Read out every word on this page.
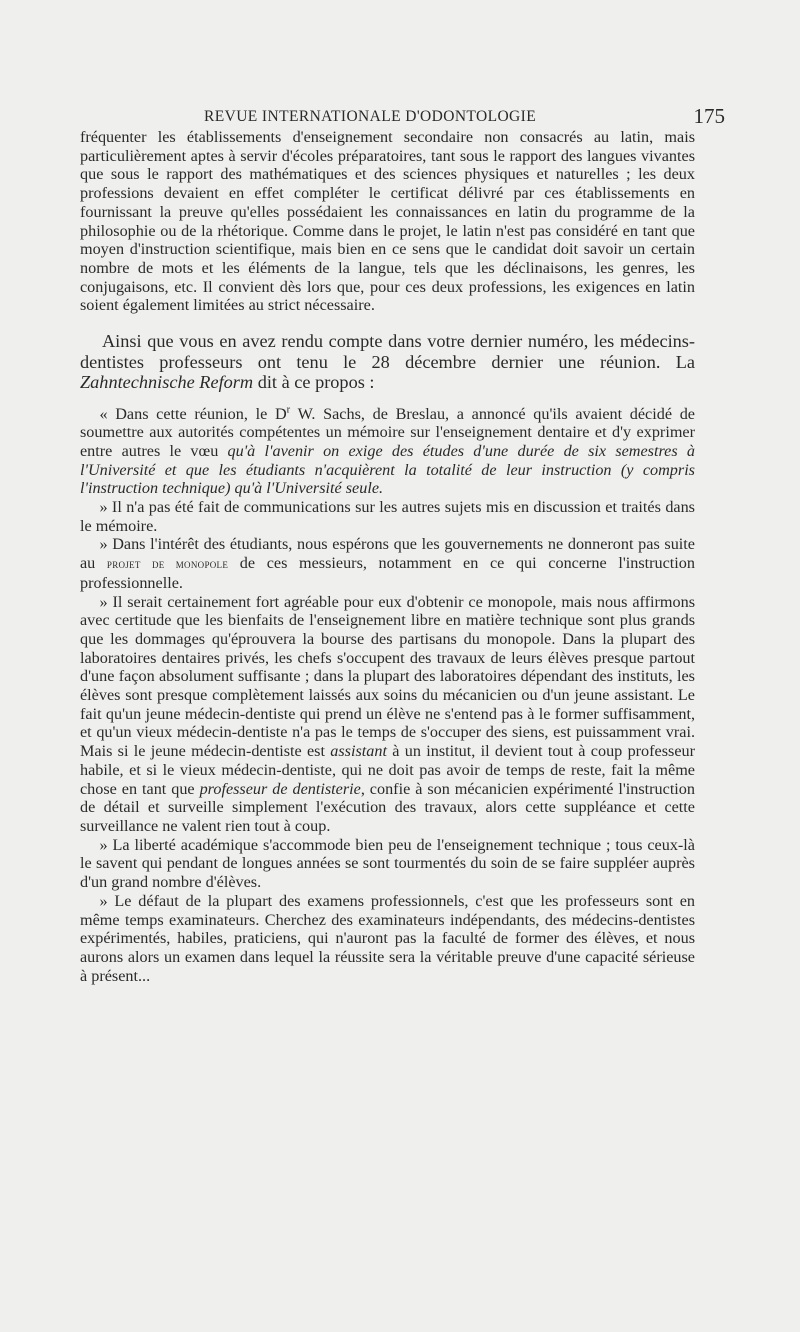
REVUE INTERNATIONALE D'ODONTOLOGIE	175

fréquenter les établissements d'enseignement secondaire non consacrés au latin, mais particulièrement aptes à servir d'écoles préparatoires, tant sous le rapport des langues vivantes que sous le rapport des mathématiques et des sciences physiques et naturelles ; les deux professions devaient en effet compléter le certificat délivré par ces établissements en fournissant la preuve qu'elles possédaient les connaissances en latin du programme de la philosophie ou de la rhétorique. Comme dans le projet, le latin n'est pas considéré en tant que moyen d'instruction scientifique, mais bien en ce sens que le candidat doit savoir un certain nombre de mots et les éléments de la langue, tels que les déclinaisons, les genres, les conjugaisons, etc. Il convient dès lors que, pour ces deux professions, les exigences en latin soient également limitées au strict nécessaire.

Ainsi que vous en avez rendu compte dans votre dernier numéro, les médecins-dentistes professeurs ont tenu le 28 décembre dernier une réunion. La Zahntechnische Reform dit à ce propos :

« Dans cette réunion, le $D^r$ W. Sachs, de Breslau, a annoncé qu'ils avaient décidé de soumettre aux autorités compétentes un mémoire sur l'enseignement dentaire et d'y exprimer entre autres le vœu qu'à l'avenir on exige des études d'une durée de six semestres à l'Université et que les étudiants n'acquièrent la totalité de leur instruction (y compris l'instruction technique) qu'à l'Université seule.

» Il n'a pas été fait de communications sur les autres sujets mis en discussion et traités dans le mémoire.

» Dans l'intérêt des étudiants, nous espérons que les gouvernements ne donneront pas suite au projet de monopole de ces messieurs, notamment en ce qui concerne l'instruction professionnelle.

» Il serait certainement fort agréable pour eux d'obtenir ce monopole, mais nous affirmons avec certitude que les bienfaits de l'enseignement libre en matière technique sont plus grands que les dommages qu'éprouvera la bourse des partisans du monopole. Dans la plupart des laboratoires dentaires privés, les chefs s'occupent des travaux de leurs élèves presque partout d'une façon absolument suffisante ; dans la plupart des laboratoires dépendant des instituts, les élèves sont presque complètement laissés aux soins du mécanicien ou d'un jeune assistant. Le fait qu'un jeune médecin-dentiste qui prend un élève ne s'entend pas à le former suffisamment, et qu'un vieux médecin-dentiste n'a pas le temps de s'occuper des siens, est puissamment vrai. Mais si le jeune médecin-dentiste est assistant à un institut, il devient tout à coup professeur habile, et si le vieux médecin-dentiste, qui ne doit pas avoir de temps de reste, fait la même chose en tant que professeur de dentisterie, confie à son mécanicien expérimenté l'instruction de détail et surveille simplement l'exécution des travaux, alors cette suppléance et cette surveillance ne valent rien tout à coup.

» La liberté académique s'accommode bien peu de l'enseignement technique ; tous ceux-là le savent qui pendant de longues années se sont tourmentés du soin de se faire suppléer auprès d'un grand nombre d'élèves.

» Le défaut de la plupart des examens professionnels, c'est que les professeurs sont en même temps examinateurs. Cherchez des examinateurs indépendants, des médecins-dentistes expérimentés, habiles, praticiens, qui n'auront pas la faculté de former des élèves, et nous aurons alors un examen dans lequel la réussite sera la véritable preuve d'une capacité sérieuse à présent...
